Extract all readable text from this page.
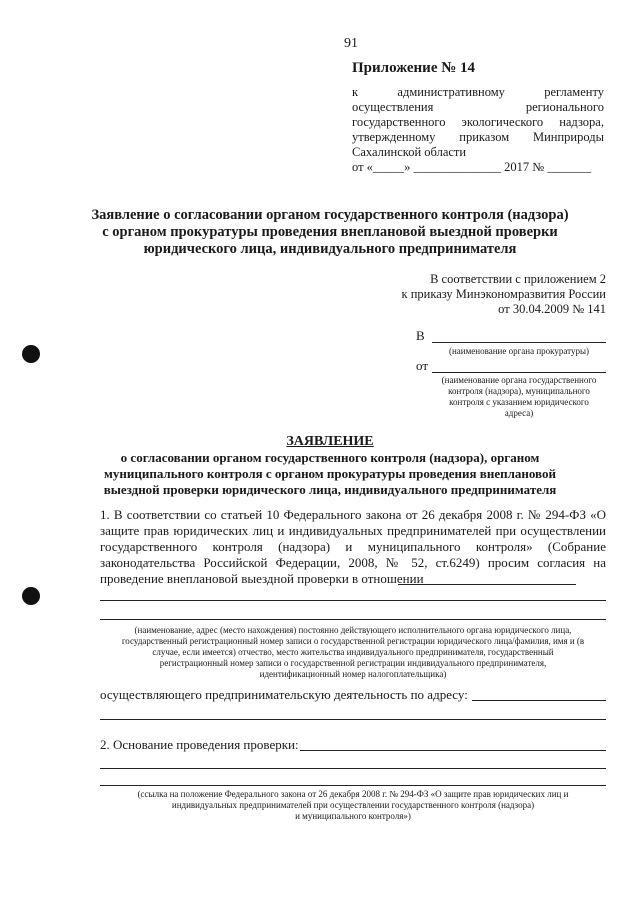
91
Приложение № 14
к административному регламенту
осуществления регионального
государственного экологического надзора,
утвержденному приказом Минприроды
Сахалинской области
от «_____» ______________ 2017 № _______
Заявление о согласовании органом государственного контроля (надзора)
с органом прокуратуры проведения внеплановой выездной проверки
юридического лица, индивидуального предпринимателя
В соответствии с приложением 2
к приказу Минэкономразвития России
от 30.04.2009 № 141
В
(наименование органа прокуратуры)
от
(наименование органа государственного
контроля (надзора), муниципального
контроля с указанием юридического
адреса)
ЗАЯВЛЕНИЕ
о согласовании органом государственного контроля (надзора), органом
муниципального контроля с органом прокуратуры проведения внеплановой
выездной проверки юридического лица, индивидуального предпринимателя
1. В соответствии со статьей 10 Федерального закона от 26 декабря 2008 г. № 294-ФЗ «О
защите прав юридических лиц и индивидуальных предпринимателей при осуществлении
государственного контроля (надзора) и муниципального контроля» (Собрание
законодательства Российской Федерации, 2008, № 52, ст.6249) просим согласия на
проведение внеплановой выездной проверки в отношении
(наименование, адрес (место нахождения) постоянно действующего исполнительного органа юридического лица,
государственный регистрационный номер записи о государственной регистрации юридического лица/фамилия, имя и (в
случае, если имеется) отчество, место жительства индивидуального предпринимателя, государственный
регистрационный номер записи о государственной регистрации индивидуального предпринимателя,
идентификационный номер налогоплательщика)
осуществляющего предпринимательскую деятельность по адресу:
2. Основание проведения проверки:
(ссылка на положение Федерального закона от 26 декабря 2008 г. № 294-ФЗ «О защите прав юридических лиц и
индивидуальных предпринимателей при осуществлении государственного контроля (надзора)
и муниципального контроля»)
